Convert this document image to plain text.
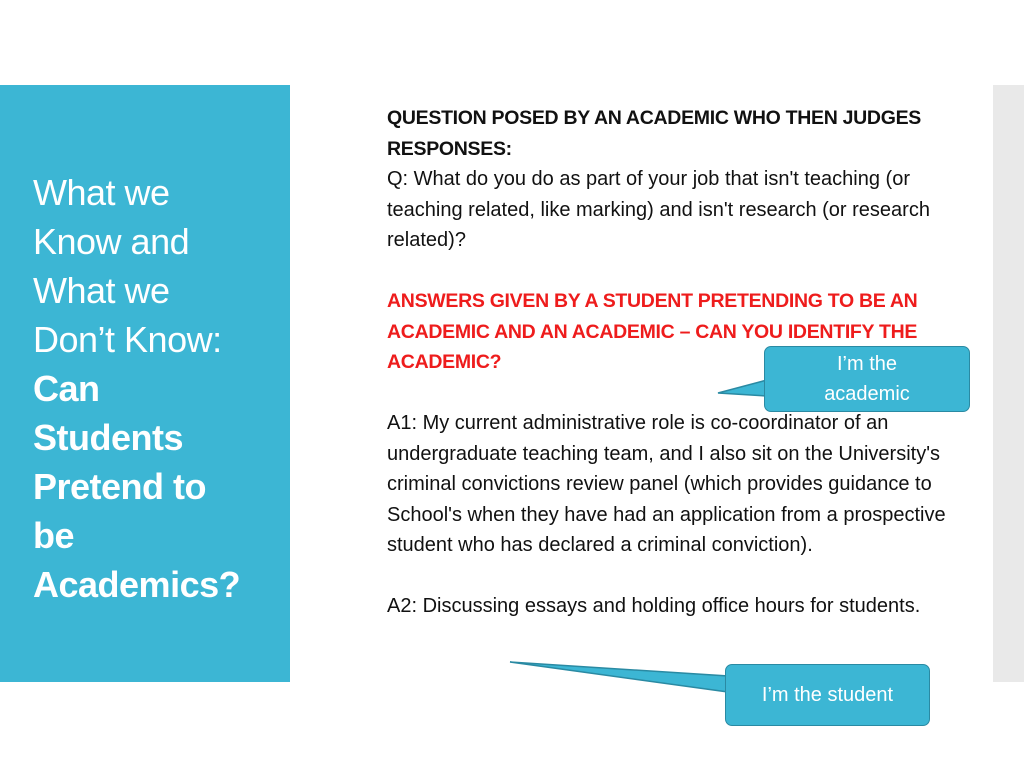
What we
Know and
What we
Don’t Know:
Can
Students
Pretend to
be
Academics?

QUESTION POSED BY AN ACADEMIC WHO THEN JUDGES RESPONSES:

Q: What do you do as part of your job that isn't teaching (or teaching related, like marking) and isn't research (or research related)?

ANSWERS GIVEN BY A STUDENT PRETENDING TO BE AN ACADEMIC AND AN ACADEMIC – CAN YOU IDENTIFY THE ACADEMIC?

A1: My current administrative role is co-coordinator of an undergraduate teaching team, and I also sit on the University's criminal convictions review panel (which provides guidance to School's when they have had an application from a prospective student who has declared a criminal conviction).

A2: Discussing essays and holding office hours for students.

I’m the
academic
I’m the student
